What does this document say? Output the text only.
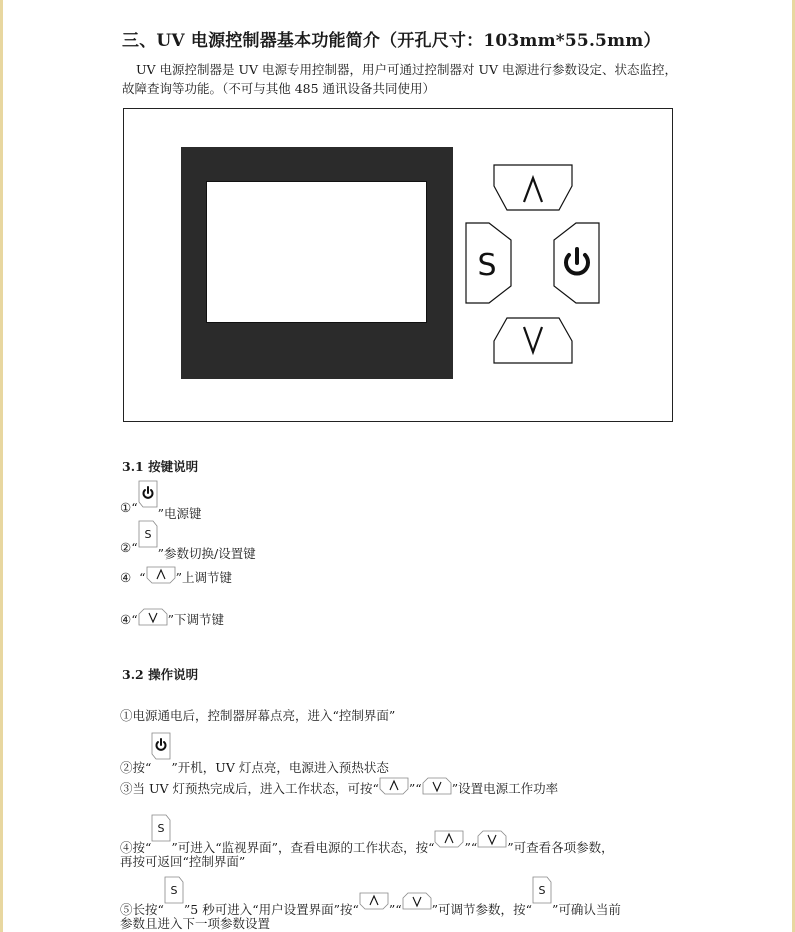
三、UV 电源控制器基本功能简介（开孔尺寸：103mm*55.5mm）
UV 电源控制器是 UV 电源专用控制器，用户可通过控制器对 UV 电源进行参数设定、状态监控，故障查询等功能。（不可与其他 485 通讯设备共同使用）
S
3.1 按键说明
①“ ”电源键
②“
S
”参数切换/设置键
④ “ ”上调节键
④“ ”下调节键
3.2 操作说明
①电源通电后，控制器屏幕点亮，进入“控制界面”
②按“ ”开机，UV 灯点亮，电源进入预热状态
③当 UV 灯预热完成后，进入工作状态，可按“ ”“ ”设置电源工作功率
④按“
S
”可进入“监视界面”，查看电源的工作状态，按“ ”“ ”可查看各项参数，
再按可返回“控制界面”
⑤长按“
S
”5 秒可进入“用户设置界面”按“ ”“ ”可调节参数，按“
S
”可确认当前
参数且进入下一项参数设置
